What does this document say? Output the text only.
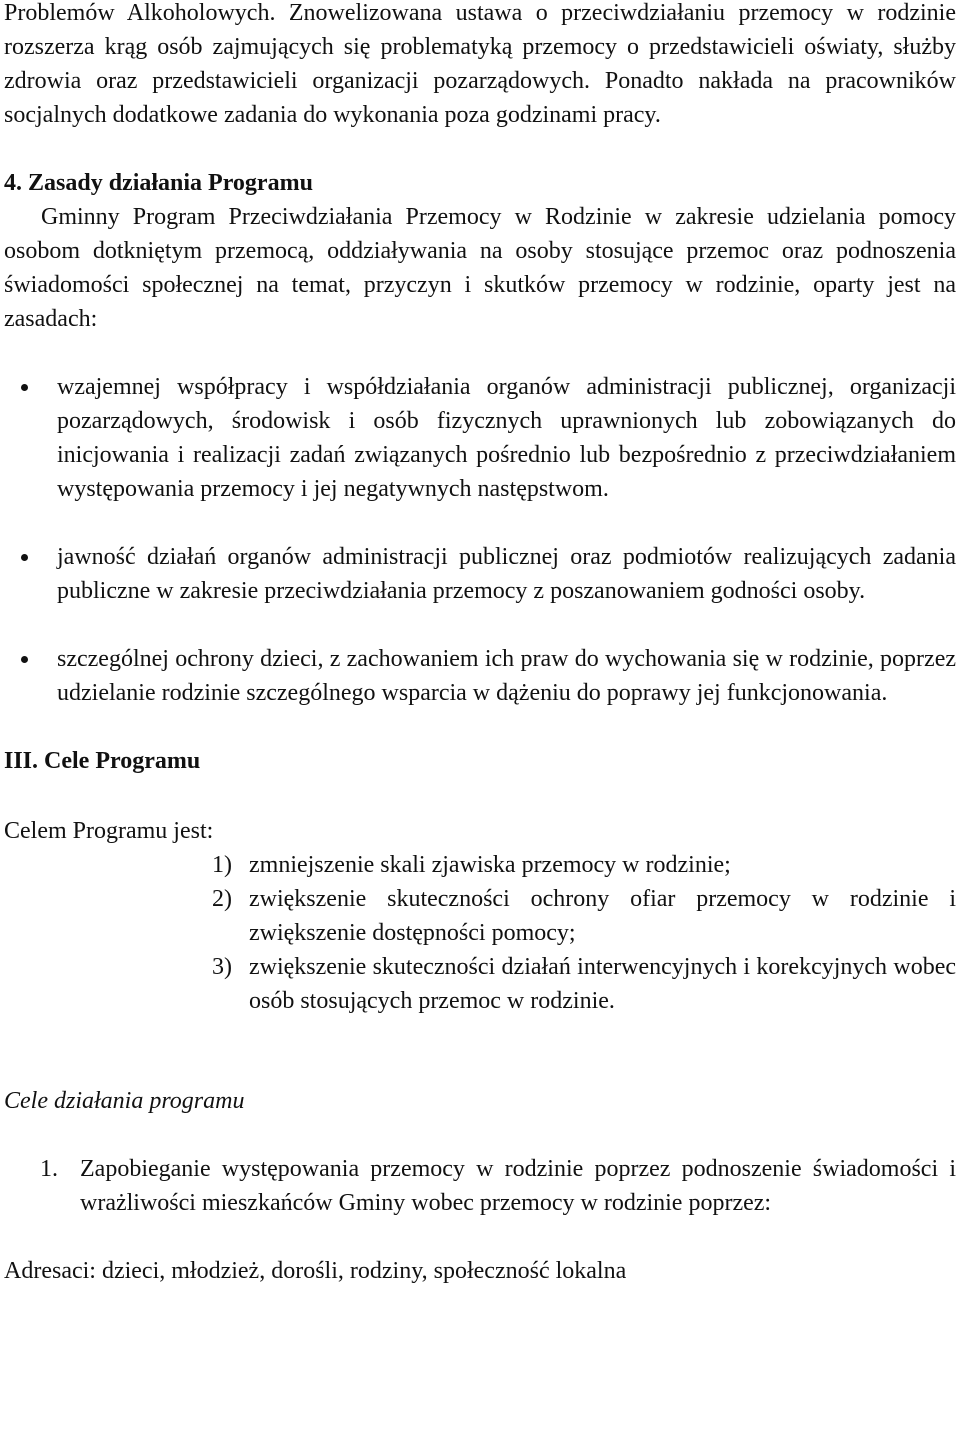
Problemów Alkoholowych. Znowelizowana ustawa o przeciwdziałaniu przemocy w rodzinie rozszerza krąg osób zajmujących się problematyką przemocy o przedstawicieli oświaty, służby zdrowia oraz przedstawicieli organizacji pozarządowych. Ponadto nakłada na pracowników socjalnych dodatkowe zadania do wykonania poza godzinami pracy.

4. Zasady działania Programu

Gminny Program Przeciwdziałania Przemocy w Rodzinie w zakresie udzielania pomocy osobom dotkniętym przemocą, oddziaływania na osoby stosujące przemoc oraz podnoszenia świadomości społecznej na temat, przyczyn i skutków przemocy w rodzinie, oparty jest na zasadach:

wzajemnej współpracy i współdziałania organów administracji publicznej, organizacji pozarządowych, środowisk i osób fizycznych uprawnionych lub zobowiązanych do inicjowania i realizacji zadań związanych pośrednio lub bezpośrednio z przeciwdziałaniem występowania przemocy i jej negatywnych następstwom.
jawność działań organów administracji publicznej oraz podmiotów realizujących zadania publiczne w zakresie przeciwdziałania przemocy z poszanowaniem godności osoby.
szczególnej ochrony dzieci, z zachowaniem ich praw do wychowania się w rodzinie, poprzez udzielanie rodzinie szczególnego wsparcia w dążeniu do poprawy jej funkcjonowania.

III. Cele Programu

Celem Programu jest:

1) zmniejszenie skali zjawiska przemocy w rodzinie;
2) zwiększenie skuteczności ochrony ofiar przemocy w rodzinie i zwiększenie dostępności pomocy;
3) zwiększenie skuteczności działań interwencyjnych i korekcyjnych wobec osób stosujących przemoc w rodzinie.

Cele działania programu

1. Zapobieganie występowania przemocy w rodzinie poprzez podnoszenie świadomości i wrażliwości mieszkańców Gminy wobec przemocy w rodzinie poprzez:

Adresaci: dzieci, młodzież, dorośli, rodziny, społeczność lokalna
